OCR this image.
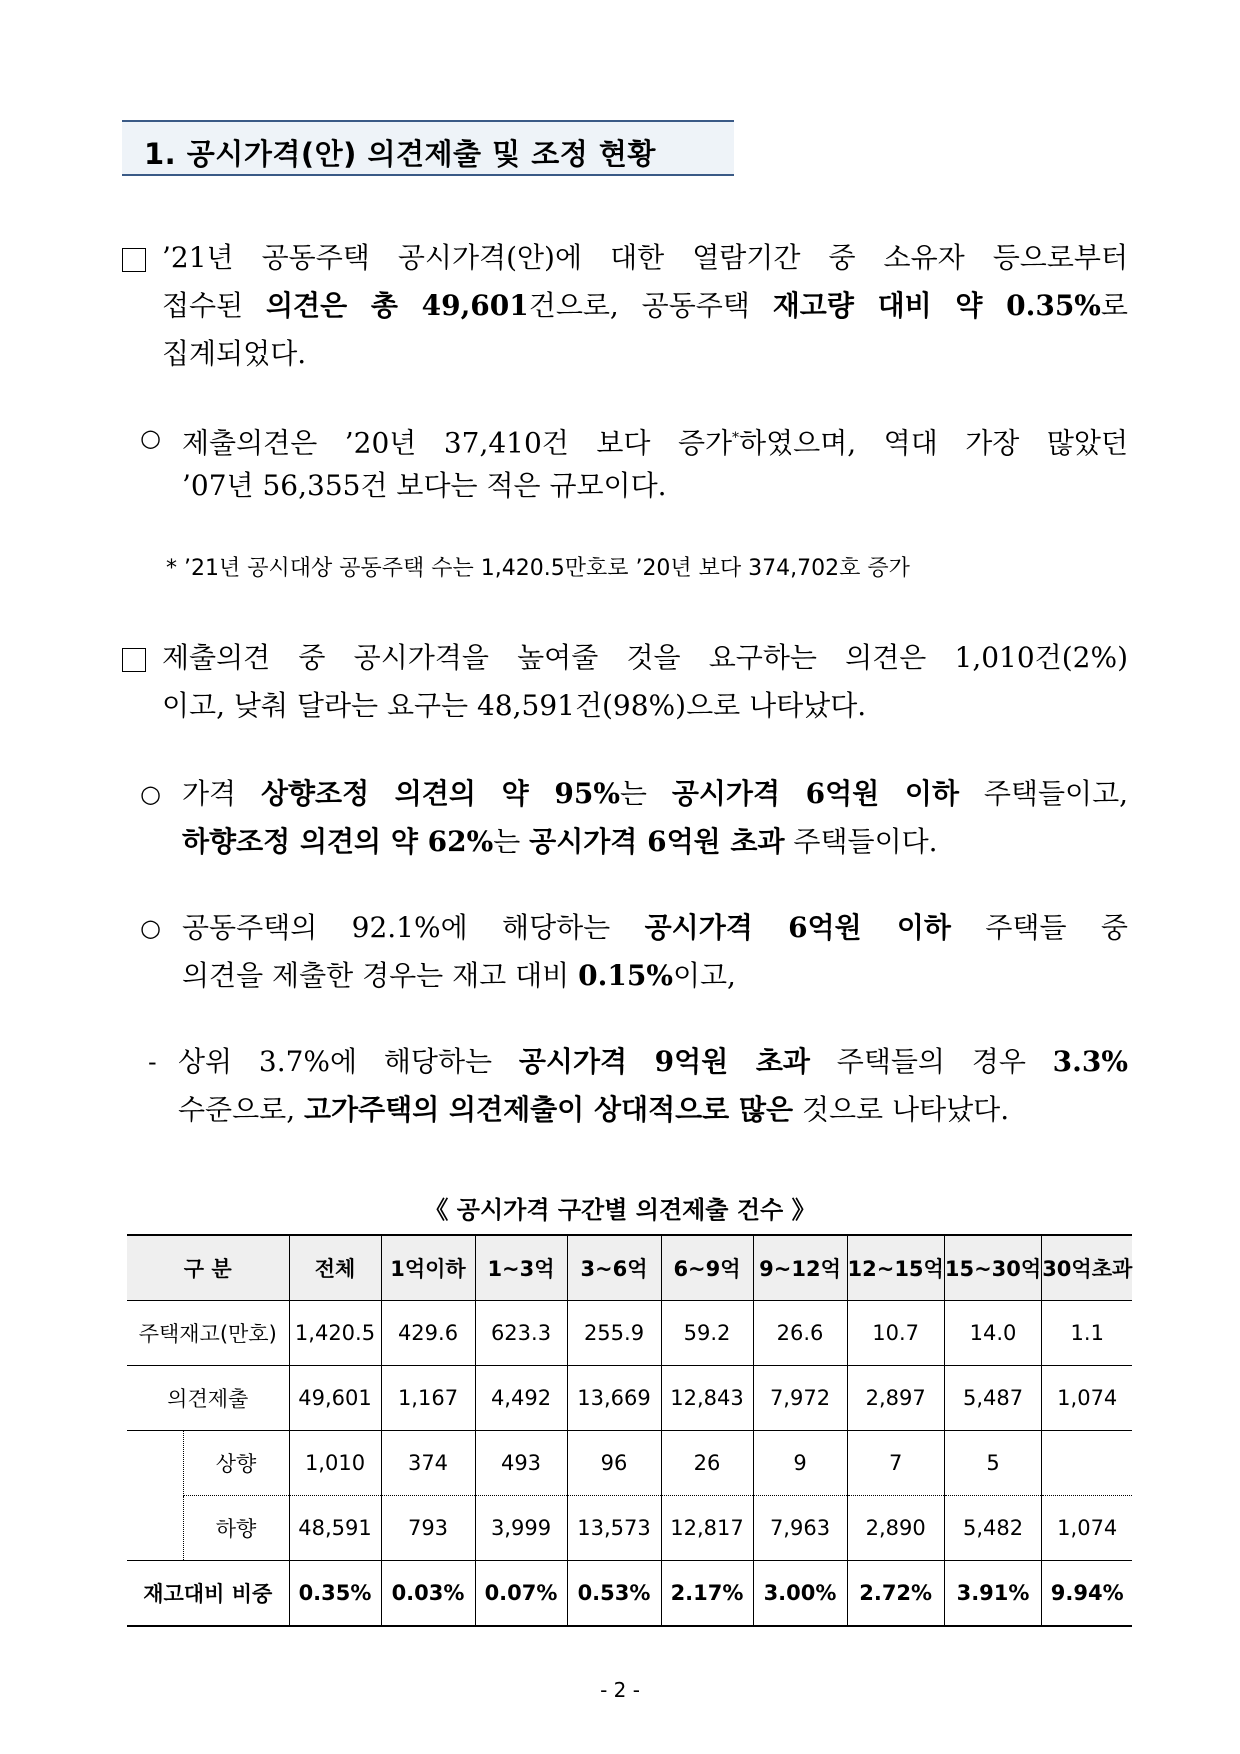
1. 공시가격(안) 의견제출 및 조정 현황
’21년 공동주택 공시가격(안)에 대한 열람기간 중 소유자 등으로부터
접수된 의견은 총 49,601건으로, 공동주택 재고량 대비 약 0.35%로
집계되었다.
○ 제출의견은 ’20년 37,410건 보다 증가*하였으며, 역대 가장 많았던
’07년 56,355건 보다는 적은 규모이다.
* ’21년 공시대상 공동주택 수는 1,420.5만호로 ’20년 보다 374,702호 증가
제출의견 중 공시가격을 높여줄 것을 요구하는 의견은 1,010건(2%)
이고, 낮춰 달라는 요구는 48,591건(98%)으로 나타났다.
○ 가격 상향조정 의견의 약 95%는 공시가격 6억원 이하 주택들이고,
하향조정 의견의 약 62%는 공시가격 6억원 초과 주택들이다.
○ 공동주택의 92.1%에 해당하는 공시가격 6억원 이하 주택들 중
의견을 제출한 경우는 재고 대비 0.15%이고,
- 상위 3.7%에 해당하는 공시가격 9억원 초과 주택들의 경우 3.3%
수준으로, 고가주택의 의견제출이 상대적으로 많은 것으로 나타났다.
《 공시가격 구간별 의견제출 건수 》
구 분		전체	1억이하	1~3억	3~6억	6~9억	9~12억	12~15억	15~30억	30억초과
주택재고(만호)		1,420.5	429.6	623.3	255.9	59.2	26.6	10.7	14.0	1.1
의견제출		49,601	1,167	4,492	13,669	12,843	7,972	2,897	5,487	1,074
	상향	1,010	374	493	96	26	9	7	5	
	하향	48,591	793	3,999	13,573	12,817	7,963	2,890	5,482	1,074
재고대비 비중		0.35%	0.03%	0.07%	0.53%	2.17%	3.00%	2.72%	3.91%	9.94%
- 2 -
